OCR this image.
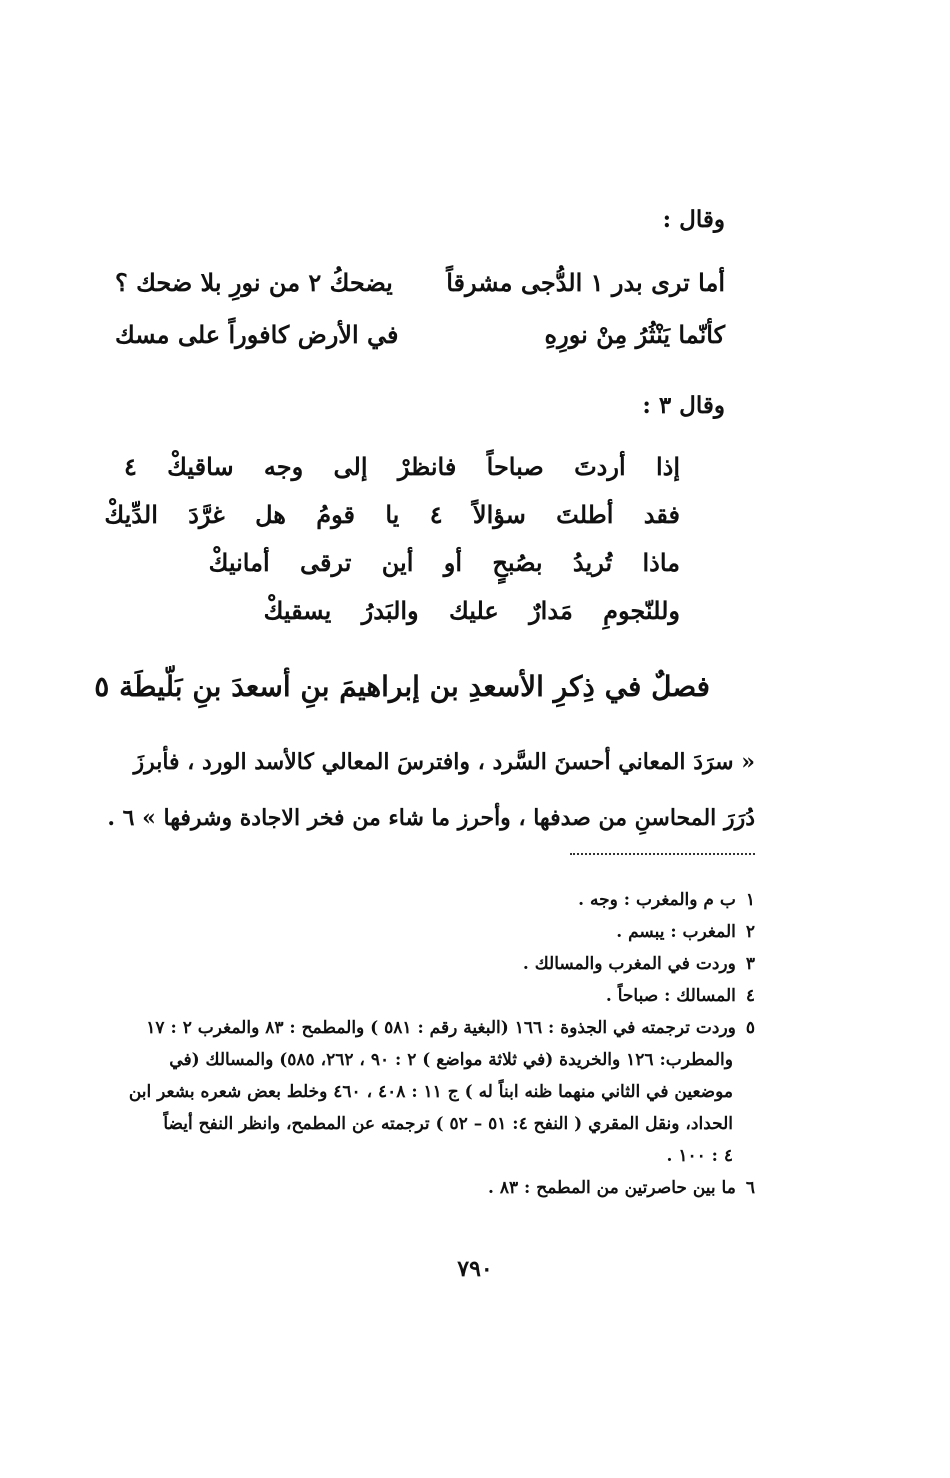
وقال :
أما ترى بدر ١ الدُّجى مشرقاً
يضحكُ ٢ من نورِ بلا ضحك ؟
كأنّما يَنْثُرُ مِنْ نورِهِ
في الأرض كافوراً على مسك
وقال ٣ :
إذا أردتَ صباحاً فانظرْ إلى وجه ساقيكْ ٤
فقد أطلتَ سؤالاً ٤ يا قومُ هل غرَّدَ الدِّيكْ
ماذا تُريدُ بصُبحٍ أو أين ترقى أمانيكْ
وللنّجومِ مَدارٌ عليك والبَدرُ يسقيكْ
فصلٌ في ذِكرِ الأسعدِ بن إبراهيمَ بنِ أسعدَ بنِ بَلّيطَة ٥
« سرَدَ المعاني أحسنَ السَّرد ، وافترسَ المعالي كالأسد الورد ، فأبرزَ
دُرَرَ المحاسنِ من صدفها ، وأحرز ما شاء من فخر الاجادة وشرفها » ٦ .
١ب م والمغرب : وجه .
٢المغرب : يبسم .
٣وردت في المغرب والمسالك .
٤المسالك : صباحاً .
٥وردت ترجمته في الجذوة : ١٦٦ (البغية رقم : ٥٨١ ) والمطمح : ٨٣ والمغرب ٢ : ١٧
والمطرب: ١٢٦ والخريدة (في ثلاثة مواضع ) ٢ : ٩٠ ، ٢٦٢، ٥٨٥) والمسالك (في
موضعين في الثاني منهما ظنه ابناً له ) ج ١١ : ٤٠٨ ، ٤٦٠ وخلط بعض شعره بشعر ابن
الحداد، ونقل المقري ( النفح ٤: ٥١ – ٥٢ ) ترجمته عن المطمح، وانظر النفح أيضاً
٤ : ١٠٠ .
٦ما بين حاصرتين من المطمح : ٨٣ .
٧٩٠
